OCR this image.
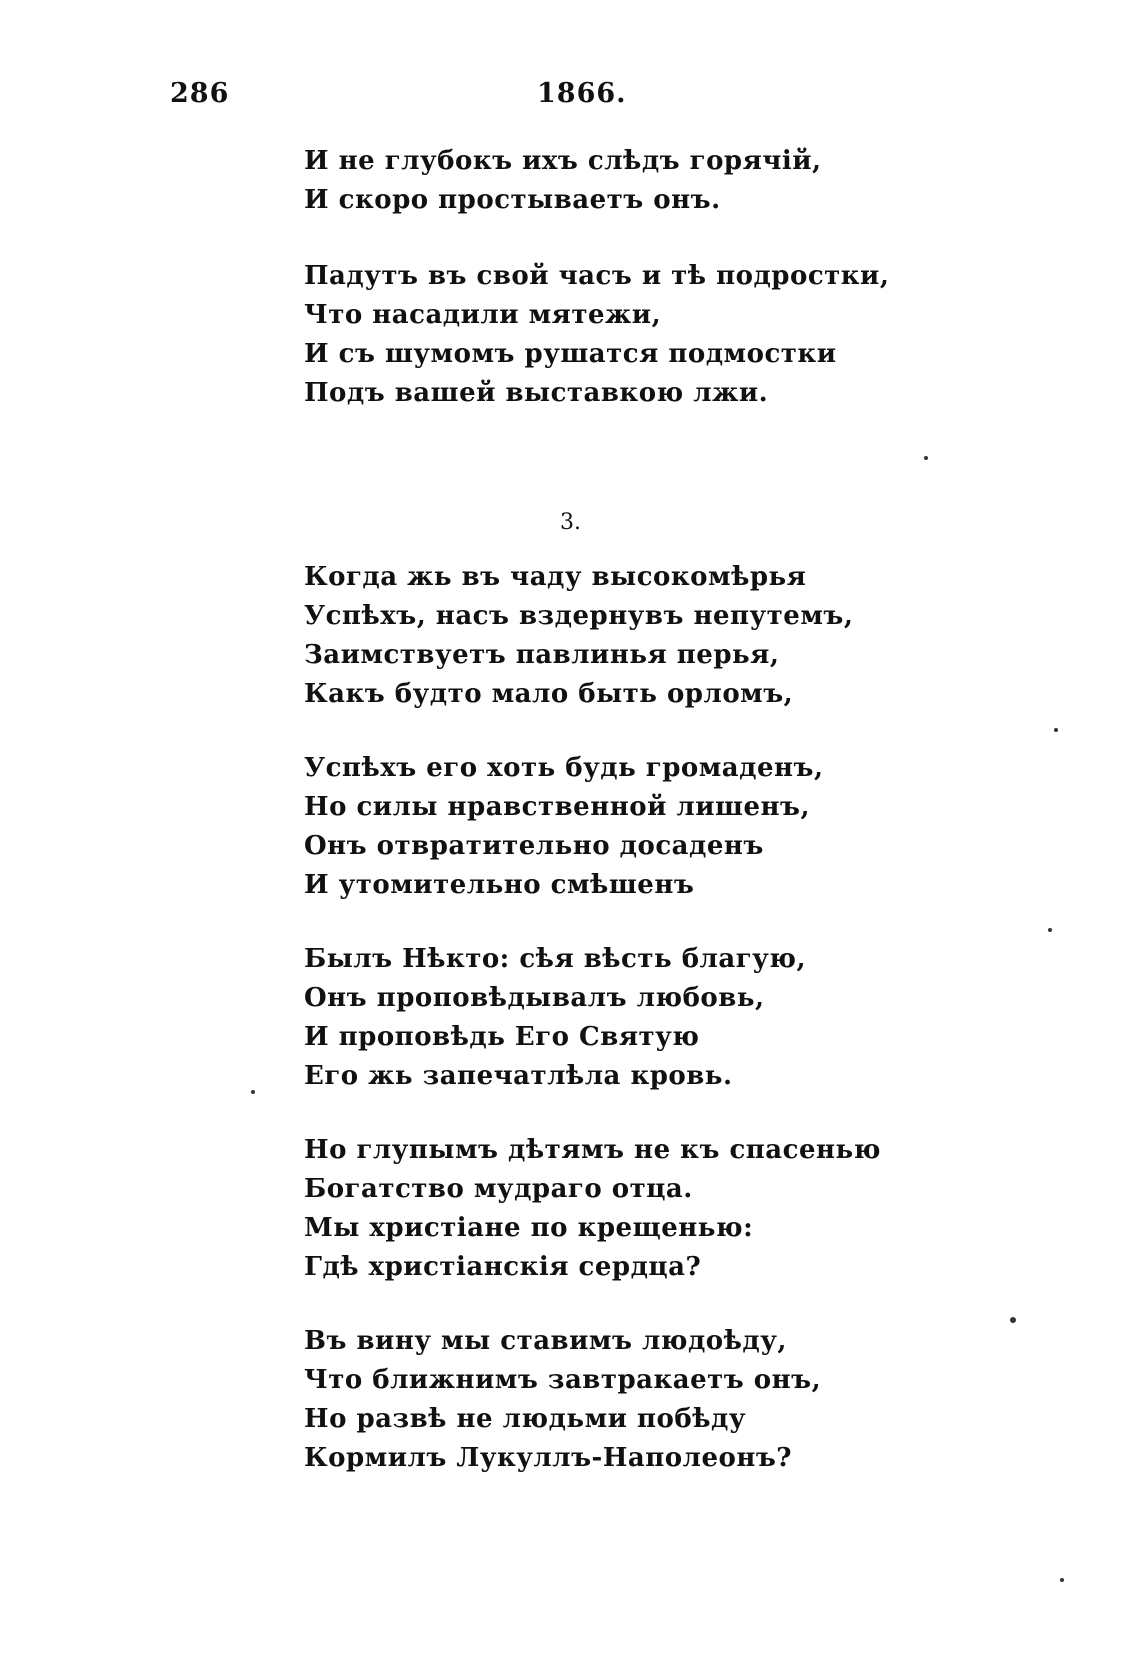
286	1866.
И не глубокъ ихъ слѣдъ горячій,
И скоро простываетъ онъ.
Падутъ въ свой часъ и тѣ подростки,
Что насадили мятежи,
И съ шумомъ рушатся подмостки
Подъ вашей выставкою лжи.
Когда жь въ чаду высокомѣрья
Успѣхъ, насъ вздернувъ непутемъ,
Заимствуетъ павлинья перья,
Какъ будто мало быть орломъ,
Успѣхъ его хоть будь громаденъ,
Но силы нравственной лишенъ,
Онъ отвратительно досаденъ
И утомительно смѣшенъ
Былъ Нѣкто: сѣя вѣсть благую,
Онъ проповѣдывалъ любовь,
И проповѣдь Его Святую
Его жь запечатлѣла кровь.
Но глупымъ дѣтямъ не къ спасенью
Богатство мудраго отца.
Мы христіане по крещенью:
Гдѣ христіанскія сердца?
Въ вину мы ставимъ людоѣду,
Что ближнимъ завтракаетъ онъ,
Но развѣ не людьми побѣду
Кормилъ Лукуллъ-Наполеонъ?
3.
